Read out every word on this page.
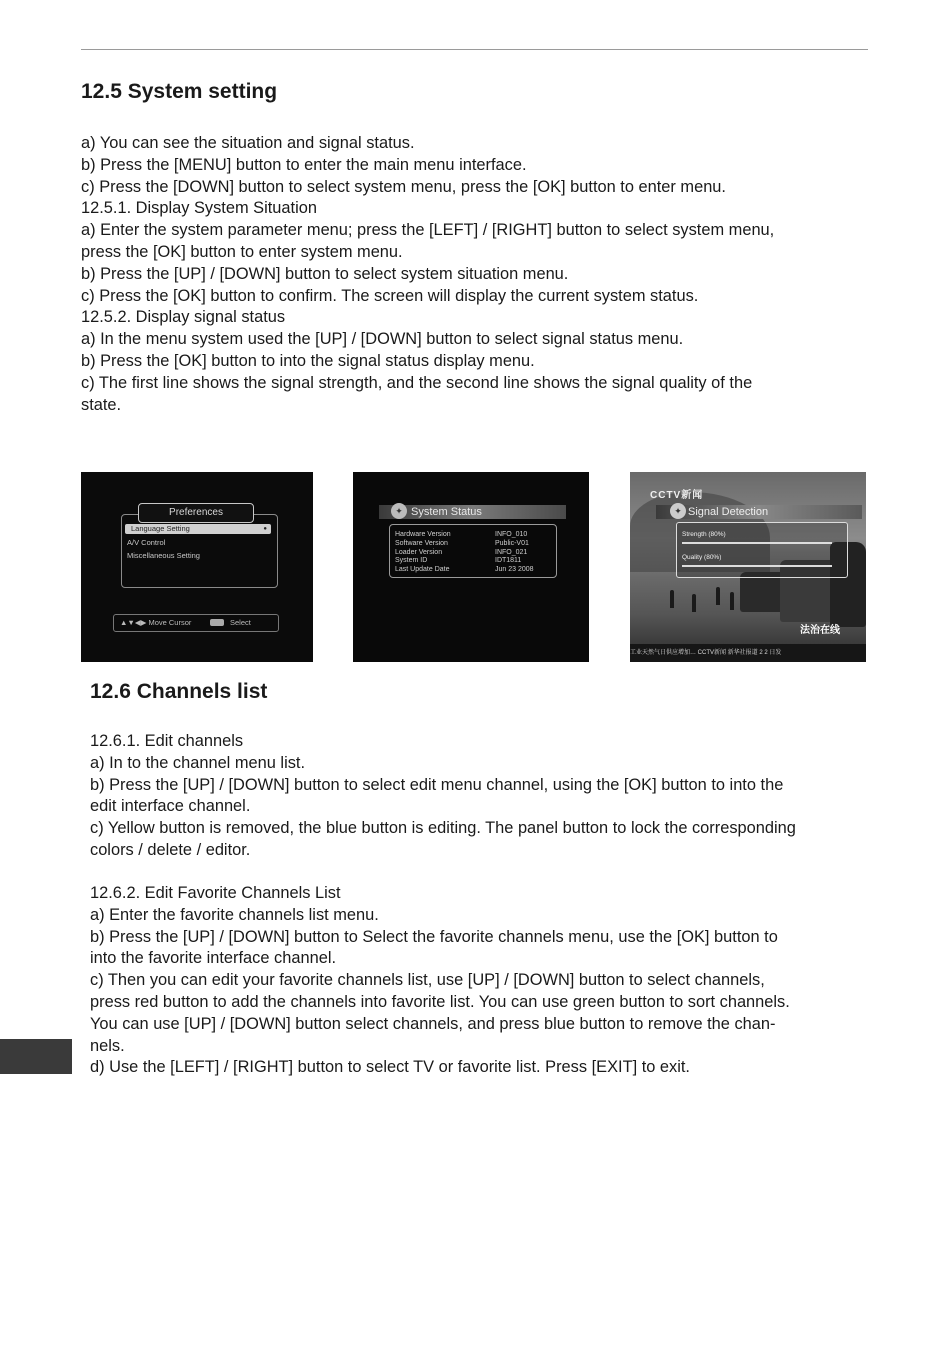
12.5 System setting
a) You can see the situation and signal status.
b) Press the [MENU] button to enter the main menu interface.
c) Press the [DOWN] button to select system menu, press the [OK] button to enter menu.
12.5.1. Display System Situation
a) Enter the system parameter menu; press the [LEFT] / [RIGHT] button to select system menu,
press the [OK] button to enter system menu.
b) Press the [UP] / [DOWN] button to select system situation menu.
c) Press the [OK] button to confirm. The screen will display the current system status.
12.5.2. Display signal status
a) In the menu system used the [UP] / [DOWN] button to select signal status menu.
b) Press the [OK] button to into the signal status display menu.
c) The first line shows the signal strength, and the second line shows the signal quality of the
state.
Preferences
Language Setting	●
A/V Control
Miscellaneous Setting
▲▼◀▶ Move Cursor	Select
✦ System Status
Hardware Version	INFO_010
Software Version	Public-V01
Loader Version	INFO_021
System ID	IDT1811
Last Update Date	Jun 23 2008
CCTV新闻
✦ Signal Detection
Strength (80%)
Quality (80%)
法治在线
工业天然气日供应增加… CCTV新闻 新华社报道 2 2 日发
12.6 Channels list
12.6.1. Edit channels
a) In to the channel menu list.
b) Press the [UP] / [DOWN] button to select edit menu channel, using the [OK] button to into the
edit interface channel.
c) Yellow button is removed, the blue button is editing. The panel button to lock the corresponding
colors / delete / editor.
12.6.2. Edit Favorite Channels List
a) Enter the favorite channels list menu.
b) Press the [UP] / [DOWN] button to Select the favorite channels menu, use the [OK] button to
into the favorite interface channel.
c) Then you can edit your favorite channels list, use [UP] / [DOWN] button to select channels,
press red button to add the channels into favorite list. You can use green button to sort channels.
You can use [UP] / [DOWN] button select channels, and press blue button to remove the chan-
nels.
d) Use the [LEFT] / [RIGHT] button to select TV or favorite list. Press [EXIT] to exit.
